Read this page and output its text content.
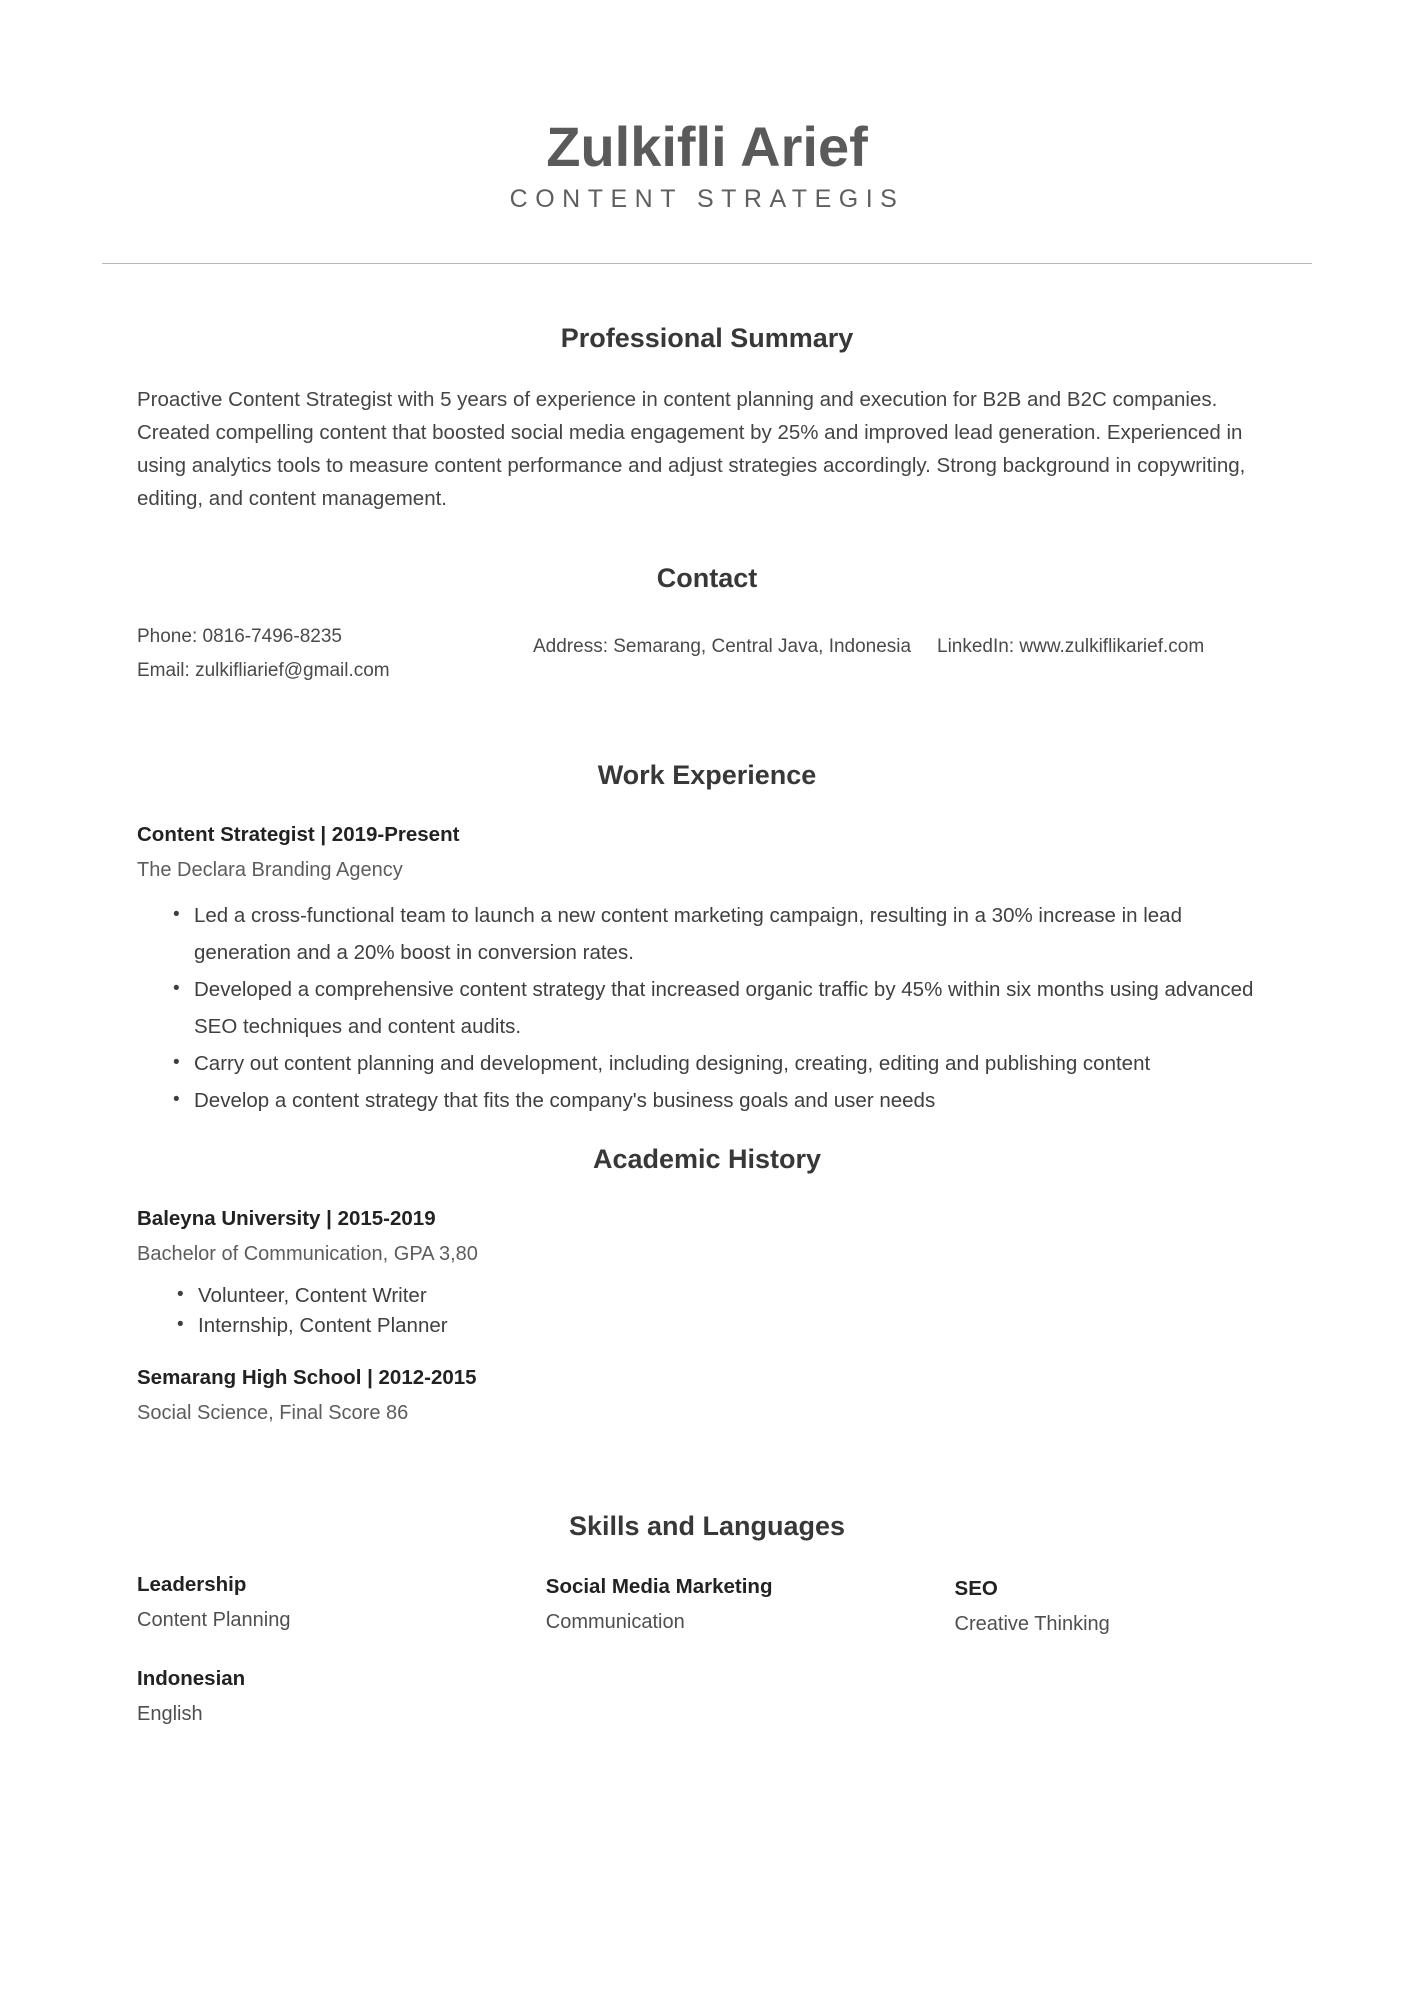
Zulkifli Arief
CONTENT STRATEGIS
Professional Summary
Proactive Content Strategist with 5 years of experience in content planning and execution for B2B and B2C companies. Created compelling content that boosted social media engagement by 25% and improved lead generation. Experienced in using analytics tools to measure content performance and adjust strategies accordingly. Strong background in copywriting, editing, and content management.
Contact
Phone: 0816-7496-8235
Email: zulkifliarief@gmail.com
Address: Semarang, Central Java, Indonesia	LinkedIn: www.zulkiflikarief.com
Work Experience
Content Strategist | 2019-Present
The Declara Branding Agency
• Led a cross-functional team to launch a new content marketing campaign, resulting in a 30% increase in lead generation and a 20% boost in conversion rates.
• Developed a comprehensive content strategy that increased organic traffic by 45% within six months using advanced SEO techniques and content audits.
• Carry out content planning and development, including designing, creating, editing and publishing content
• Develop a content strategy that fits the company's business goals and user needs
Academic History
Baleyna University | 2015-2019
Bachelor of Communication, GPA 3,80
• Volunteer, Content Writer
• Internship, Content Planner
Semarang High School | 2012-2015
Social Science, Final Score 86
Skills and Languages
Leadership
Content Planning
Social Media Marketing
Communication
SEO
Creative Thinking
Indonesian
English
